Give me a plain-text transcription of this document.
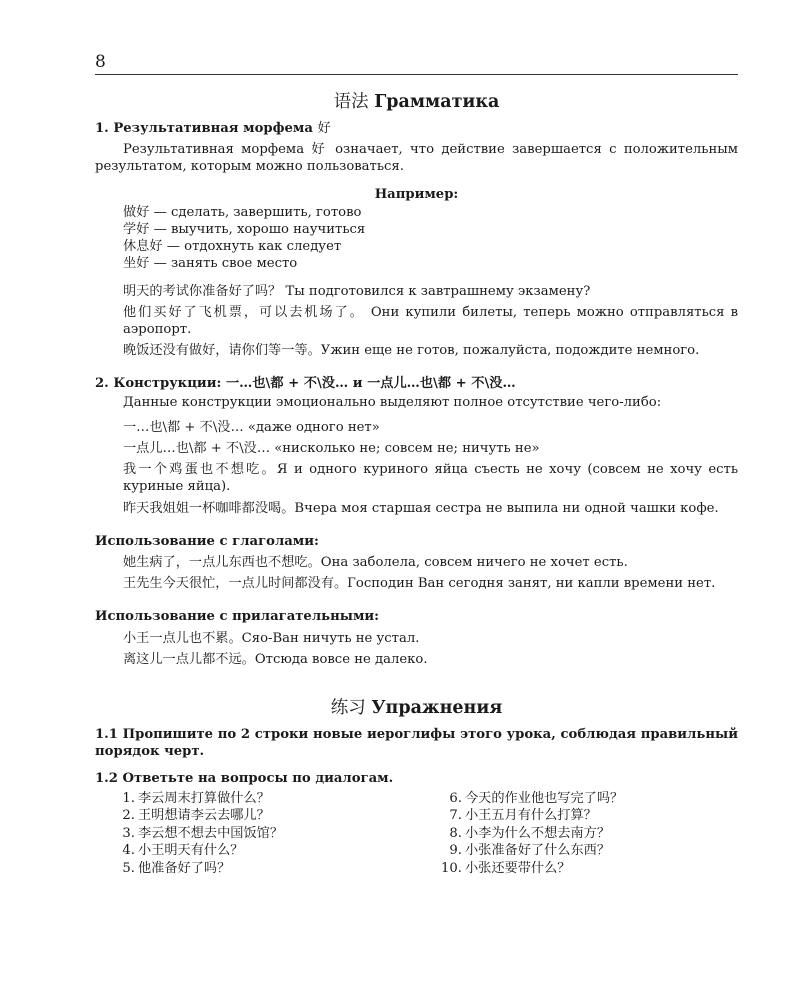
8
语法 Грамматика

1. Результативная морфема 好

Результативная морфема 好 означает, что действие завершается с положительным результатом, которым можно пользоваться.

Например:

做好 — сделать, завершить, готово

学好 — выучить, хорошо научиться

休息好 — отдохнуть как следует

坐好 — занять свое место

明天的考试你准备好了吗？ Ты подготовился к завтрашнему экзамену?

他们买好了飞机票，可以去机场了。 Они купили билеты, теперь можно отправляться в аэропорт.

晚饭还没有做好，请你们等一等。Ужин еще не готов, пожалуйста, подождите немного.

2. Конструкции: 一…也\都 + 不\没… и 一点儿…也\都 + 不\没…

Данные конструкции эмоционально выделяют полное отсутствие чего-либо:

一…也\都 + 不\没… «даже одного нет»

一点儿…也\都 + 不\没… «нисколько не; совсем не; ничуть не»

我一个鸡蛋也不想吃。Я и одного куриного яйца съесть не хочу (совсем не хочу есть куриные яйца).

昨天我姐姐一杯咖啡都没喝。Вчера моя старшая сестра не выпила ни одной чашки кофе.

Использование с глаголами:

她生病了，一点儿东西也不想吃。Она заболела, совсем ничего не хочет есть.

王先生今天很忙，一点儿时间都没有。Господин Ван сегодня занят, ни капли времени нет.

Использование с прилагательными:

小王一点儿也不累。Сяо-Ван ничуть не устал.

离这儿一点儿都不远。Отсюда вовсе не далеко.

练习 Упражнения

1.1 Пропишите по 2 строки новые иероглифы этого урока, соблюдая правильный порядок черт.

1.2 Ответьте на вопросы по диалогам.

1. 李云周末打算做什么？
2. 王明想请李云去哪儿？
3. 李云想不想去中国饭馆？
4. 小王明天有什么？
5. 他准备好了吗？
6. 今天的作业他也写完了吗？
7. 小王五月有什么打算？
8. 小李为什么不想去南方？
9. 小张准备好了什么东西？
10. 小张还要带什么？
